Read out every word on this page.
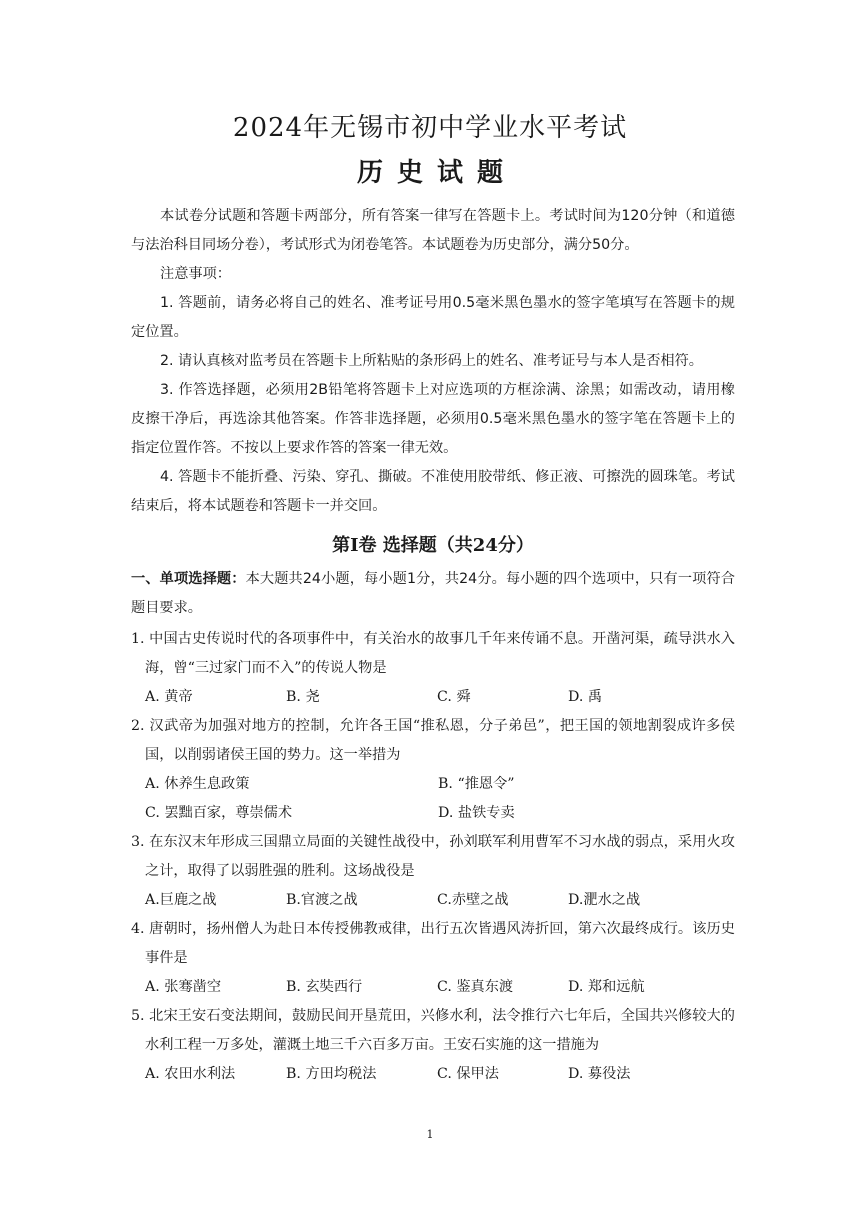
2024年无锡市初中学业水平考试
历史试题

本试卷分试题和答题卡两部分，所有答案一律写在答题卡上。考试时间为120分钟（和道德与法治科目同场分卷），考试形式为闭卷笔答。本试题卷为历史部分，满分50分。

注意事项：

1. 答题前，请务必将自己的姓名、准考证号用0.5毫米黑色墨水的签字笔填写在答题卡的规定位置。

2. 请认真核对监考员在答题卡上所粘贴的条形码上的姓名、准考证号与本人是否相符。

3. 作答选择题，必须用2B铅笔将答题卡上对应选项的方框涂满、涂黑；如需改动，请用橡皮擦干净后，再选涂其他答案。作答非选择题，必须用0.5毫米黑色墨水的签字笔在答题卡上的指定位置作答。不按以上要求作答的答案一律无效。

4. 答题卡不能折叠、污染、穿孔、撕破。不准使用胶带纸、修正液、可擦洗的圆珠笔。考试结束后，将本试题卷和答题卡一并交回。

第Ⅰ卷 选择题（共24分）

一、单项选择题：本大题共24小题，每小题1分，共24分。每小题的四个选项中，只有一项符合题目要求。

1. 中国古史传说时代的各项事件中，有关治水的故事几千年来传诵不息。开凿河渠，疏导洪水入海，曾“三过家门而不入”的传说人物是

A. 黄帝	B. 尧	C. 舜	D. 禹

2. 汉武帝为加强对地方的控制，允许各王国“推私恩，分子弟邑”，把王国的领地割裂成许多侯国，以削弱诸侯王国的势力。这一举措为

A. 休养生息政策	B. “推恩令”
C. 罢黜百家，尊崇儒术	D. 盐铁专卖

3. 在东汉末年形成三国鼎立局面的关键性战役中，孙刘联军利用曹军不习水战的弱点，采用火攻之计，取得了以弱胜强的胜利。这场战役是

A.巨鹿之战	B.官渡之战	C.赤壁之战	D.淝水之战

4. 唐朝时，扬州僧人为赴日本传授佛教戒律，出行五次皆遇风涛折回，第六次最终成行。该历史事件是

A. 张骞凿空	B. 玄奘西行	C. 鉴真东渡	D. 郑和远航

5. 北宋王安石变法期间，鼓励民间开垦荒田，兴修水利，法令推行六七年后，全国共兴修较大的水利工程一万多处，灌溉土地三千六百多万亩。王安石实施的这一措施为

A. 农田水利法	B. 方田均税法	C. 保甲法	D. 募役法
1
